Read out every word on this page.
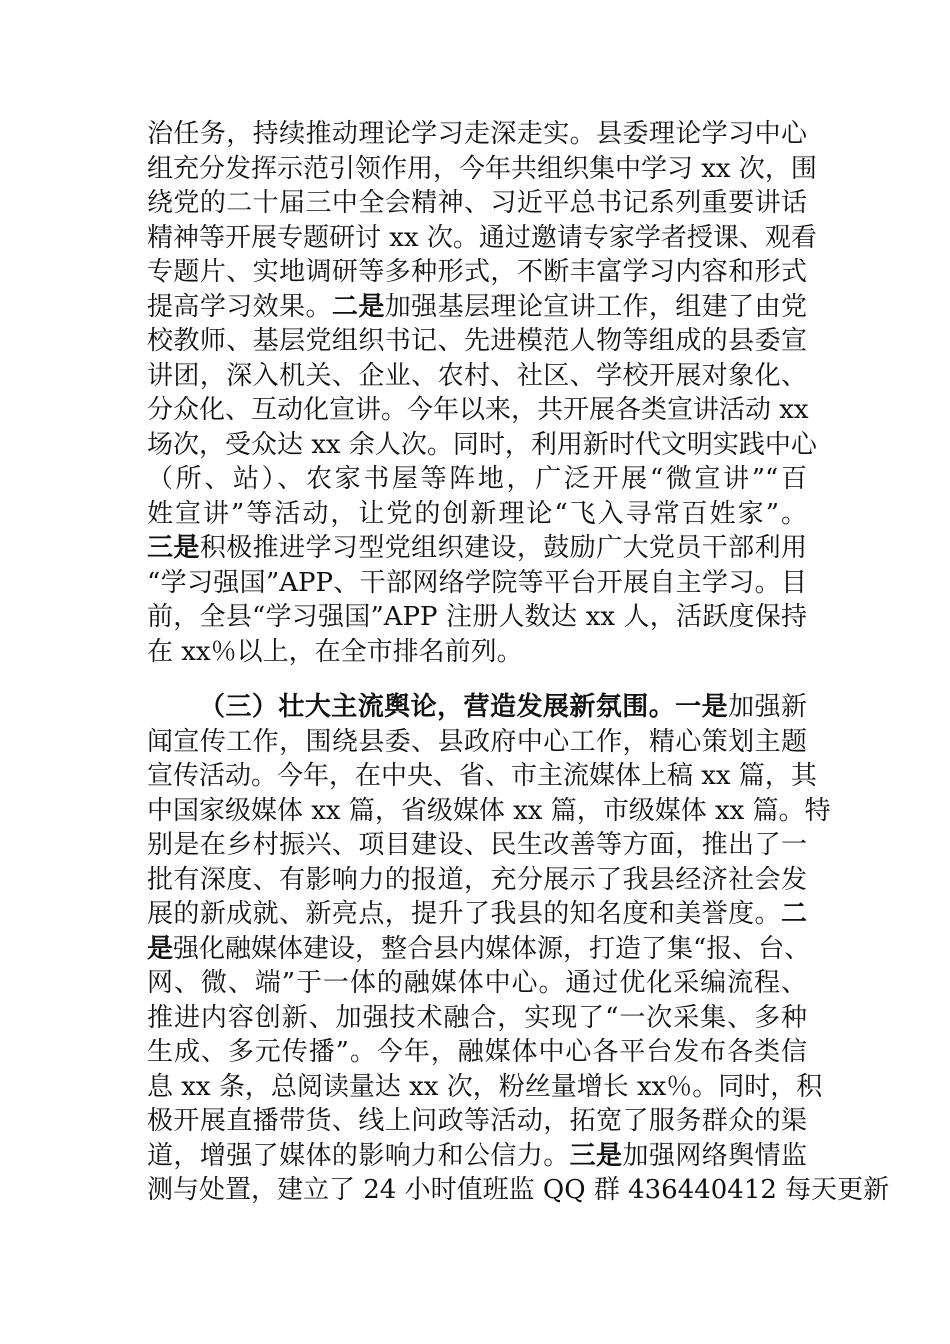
治任务，持续推动理论学习走深走实。县委理论学习中心
组充分发挥示范引领作用，今年共组织集中学习 xx 次，围
绕党的二十届三中全会精神、习近平总书记系列重要讲话
精神等开展专题研讨 xx 次。通过邀请专家学者授课、观看
专题片、实地调研等多种形式，不断丰富学习内容和形式
提高学习效果。二是加强基层理论宣讲工作，组建了由党
校教师、基层党组织书记、先进模范人物等组成的县委宣
讲团，深入机关、企业、农村、社区、学校开展对象化、
分众化、互动化宣讲。今年以来，共开展各类宣讲活动 xx
场次，受众达 xx 余人次。同时，利用新时代文明实践中心
（所、站）、农家书屋等阵地，广泛开展“微宣讲”“百
姓宣讲”等活动，让党的创新理论“飞入寻常百姓家”。
三是积极推进学习型党组织建设，鼓励广大党员干部利用
“学习强国”APP、干部网络学院等平台开展自主学习。目
前，全县“学习强国”APP 注册人数达 xx 人，活跃度保持
在 xx％以上，在全市排名前列。
（三）壮大主流舆论，营造发展新氛围。一是加强新
闻宣传工作，围绕县委、县政府中心工作，精心策划主题
宣传活动。今年，在中央、省、市主流媒体上稿 xx 篇，其
中国家级媒体 xx 篇，省级媒体 xx 篇，市级媒体 xx 篇。特
别是在乡村振兴、项目建设、民生改善等方面，推出了一
批有深度、有影响力的报道，充分展示了我县经济社会发
展的新成就、新亮点，提升了我县的知名度和美誉度。二
是强化融媒体建设，整合县内媒体源，打造了集“报、台、
网、微、端”于一体的融媒体中心。通过优化采编流程、
推进内容创新、加强技术融合，实现了“一次采集、多种
生成、多元传播”。今年，融媒体中心各平台发布各类信
息 xx 条，总阅读量达 xx 次，粉丝量增长 xx％。同时，积
极开展直播带货、线上问政等活动，拓宽了服务群众的渠
道，增强了媒体的影响力和公信力。三是加强网络舆情监
测与处置，建立了 24 小时值班监 QQ 群 436440412 每天更新
